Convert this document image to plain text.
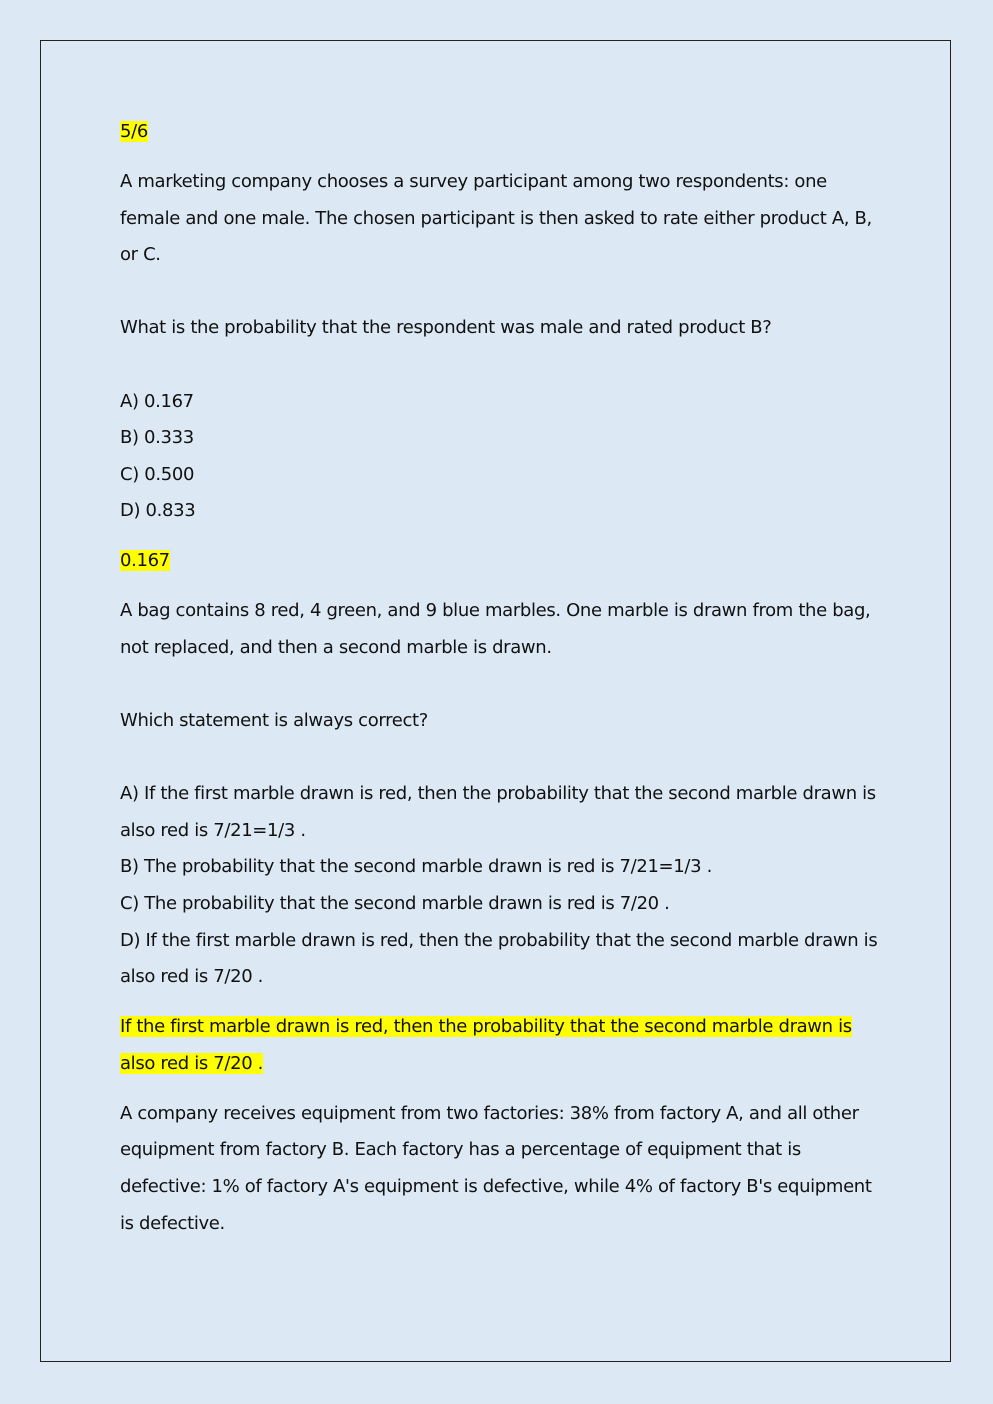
5/6

A marketing company chooses a survey participant among two respondents: one female and one male. The chosen participant is then asked to rate either product A, B, or C.

What is the probability that the respondent was male and rated product B?

A) 0.167

B) 0.333

C) 0.500

D) 0.833

0.167

A bag contains 8 red, 4 green, and 9 blue marbles. One marble is drawn from the bag, not replaced, and then a second marble is drawn.

Which statement is always correct?

A) If the first marble drawn is red, then the probability that the second marble drawn is also red is 7/21=1/3 .

B) The probability that the second marble drawn is red is 7/21=1/3 .

C) The probability that the second marble drawn is red is 7/20 .

D) If the first marble drawn is red, then the probability that the second marble drawn is also red is 7/20 .

If the first marble drawn is red, then the probability that the second marble drawn is also red is 7/20 .

A company receives equipment from two factories: 38% from factory A, and all other equipment from factory B. Each factory has a percentage of equipment that is defective: 1% of factory A's equipment is defective, while 4% of factory B's equipment is defective.
